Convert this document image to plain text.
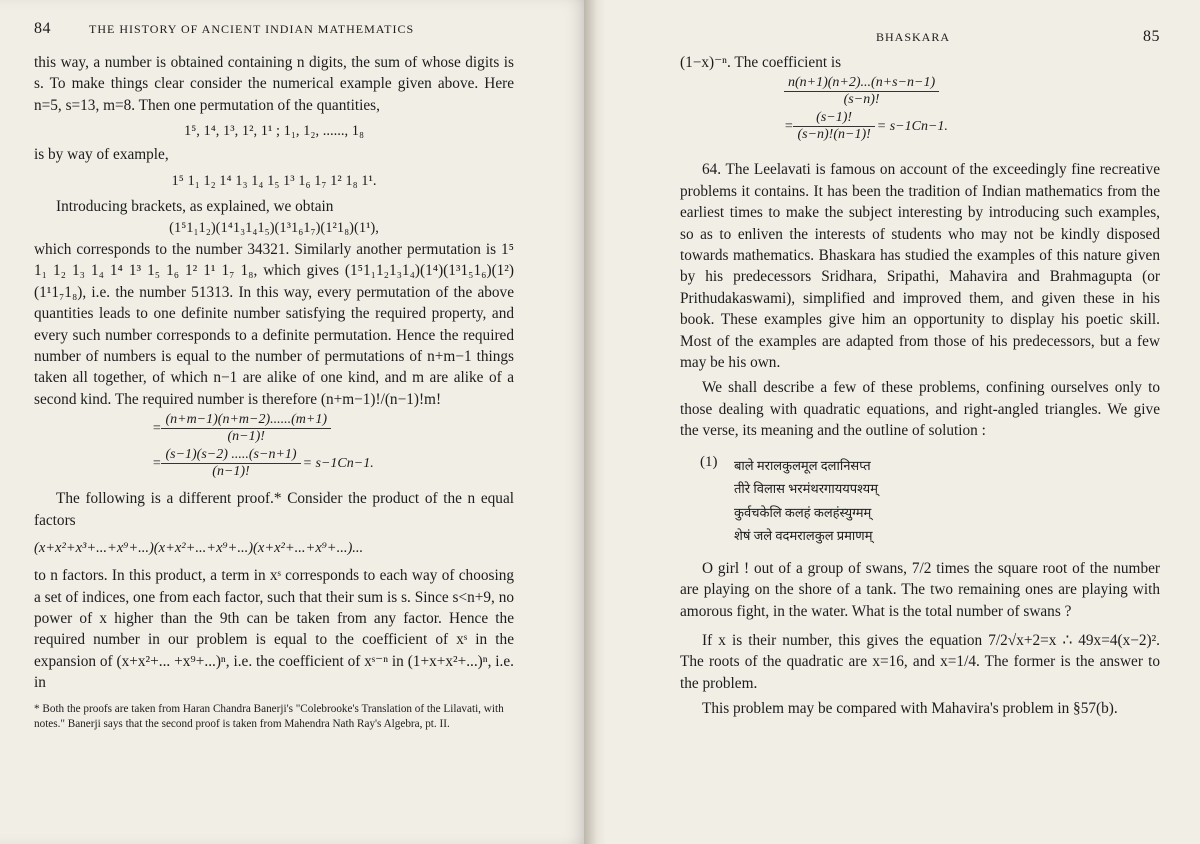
84	THE HISTORY OF ANCIENT INDIAN MATHEMATICS

this way, a number is obtained containing n digits, the sum of whose digits is s. To make things clear consider the numerical example given above. Here n=5, s=13, m=8. Then one permutation of the quantities,

1⁵, 1⁴, 1³, 1², 1¹ ; 1₁, 1₂, ......, 1₈

is by way of example,

1⁵ 1₁ 1₂ 1⁴ 1₃ 1₄ 1₅ 1³ 1₆ 1₇ 1² 1₈ 1¹.

Introducing brackets, as explained, we obtain

(1⁵1₁1₂)(1⁴1₃1₄1₅)(1³1₆1₇)(1²1₈)(1¹),

which corresponds to the number 34321. Similarly another permutation is 1⁵ 1₁ 1₂ 1₃ 1₄ 1⁴ 1³ 1₅ 1₆ 1² 1¹ 1₇ 1₈, which gives (1⁵1₁1₂1₃1₄)(1⁴)(1³1₅1₆)(1²)(1¹1₇1₈), i.e. the number 51313. In this way, every permutation of the above quantities leads to one definite number satisfying the required property, and every such number corresponds to a definite permutation. Hence the required number of numbers is equal to the number of permutations of n+m−1 things taken all together, of which n−1 are alike of one kind, and m are alike of a second kind. The required number is therefore (n+m−1)!/(n−1)!m!

= $\frac{(n+m-1)(n+m-2)......(m+1)}{(n-1)!}$
= $\frac{(s-1)(s-2) .....(s-n+1)}{(n-1)!} = s-1Cn-1$.

The following is a different proof.* Consider the product of the n equal factors

(x+x²+x³+...+x⁹+...)(x+x²+...+x⁹+...)(x+x²+...+x⁹+...)...

to n factors. In this product, a term in xˢ corresponds to each way of choosing a set of indices, one from each factor, such that their sum is s. Since s<n+9, no power of x higher than the 9th can be taken from any factor. Hence the required number in our problem is equal to the coefficient of xˢ in the expansion of (x+x²+... +x⁹+...)ⁿ, i.e. the coefficient of xˢ⁻ⁿ in (1+x+x²+...)ⁿ, i.e. in

* Both the proofs are taken from Haran Chandra Banerji's "Colebrooke's Translation of the Lilavati, with notes." Banerji says that the second proof is taken from Mahendra Nath Ray's Algebra, pt. II.
BHASKARA	85

(1−x)⁻ⁿ. The coefficient is

$\frac{n(n+1)(n+2)...(n+s-n-1)}{(s-n)!}$
= $\frac{(s-1)!}{(s-n)!(n-1)!} = s-1Cn-1$.

64. The Leelavati is famous on account of the exceedingly fine recreative problems it contains. It has been the tradition of Indian mathematics from the earliest times to make the subject interesting by introducing such examples, so as to enliven the interests of students who may not be kindly disposed towards mathematics. Bhaskara has studied the examples of this nature given by his predecessors Sridhara, Sripathi, Mahavira and Brahmagupta (or Prithudakaswami), simplified and improved them, and given these in his book. These examples give him an opportunity to display his poetic skill. Most of the examples are adapted from those of his predecessors, but a few may be his own.

We shall describe a few of these problems, confining ourselves only to those dealing with quadratic equations, and right-angled triangles. We give the verse, its meaning and the outline of solution :

(1)	बाले मरालकुलमूल दलानिसप्त
तीरे विलास भरमंथरगाययपश्यम्
कुर्वचकेलि कलहं कलहंस्युग्मम्
शेषं जले वदमरालकुल प्रमाणम्

O girl ! out of a group of swans, 7/2 times the square root of the number are playing on the shore of a tank. The two remaining ones are playing with amorous fight, in the water. What is the total number of swans ?

If x is their number, this gives the equation 7/2√x+2=x ∴ 49x=4(x−2)². The roots of the quadratic are x=16, and x=1/4. The former is the answer to the problem.

This problem may be compared with Mahavira's problem in §57(b).
